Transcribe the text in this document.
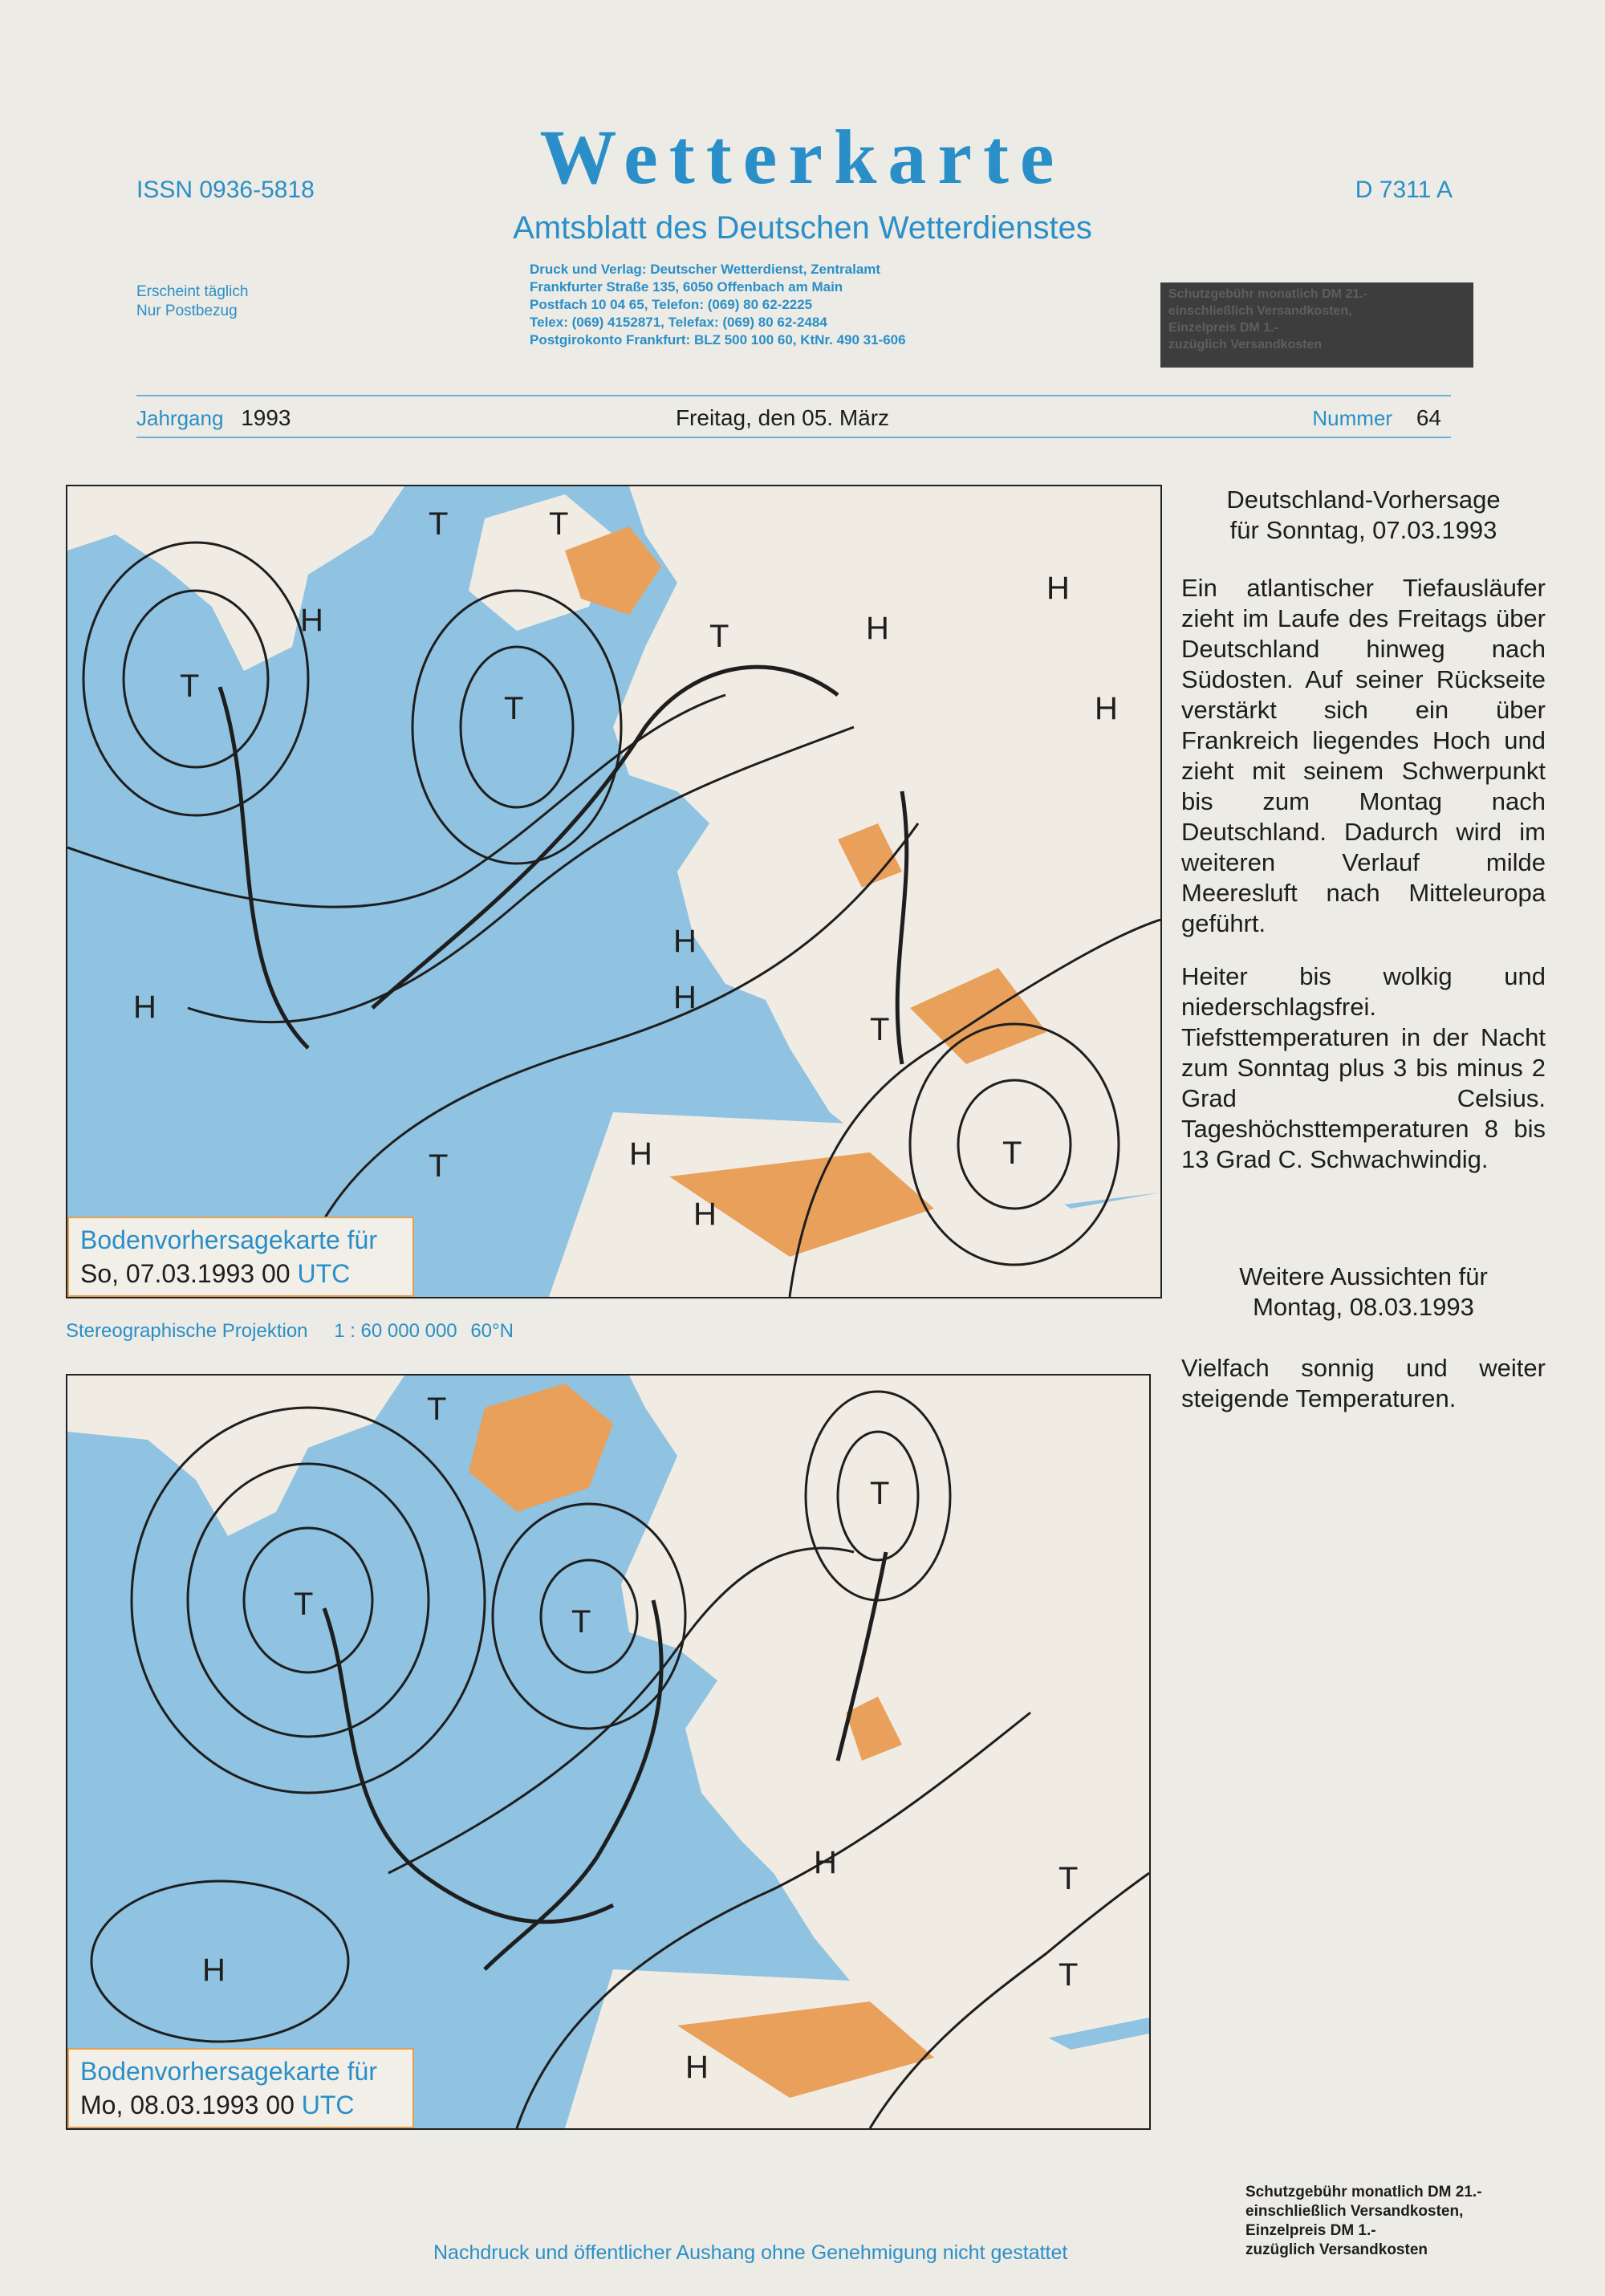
ISSN 0936-5818	Wetterkarte	D 7311 A
Amtsblatt des Deutschen Wetterdienstes
Erscheint täglich
Nur Postbezug
Druck und Verlag: Deutscher Wetterdienst, Zentralamt
Frankfurter Straße 135, 6050 Offenbach am Main
Postfach 10 04 65, Telefon: (069) 80 62-2225
Telex: (069) 4152871, Telefax: (069) 80 62-2484
Postgirokonto Frankfurt: BLZ 500 100 60, KtNr. 490 31-606
Schutzgebühr monatlich DM 21.-
einschließlich Versandkosten,
Einzelpreis DM 1.-
zuzüglich Versandkosten
Jahrgang 1993	Freitag, den 05. März	Nummer 64
T
T
T	T
T
T	T
T
H	H
H
H
H
H
H
H
H
Bodenvorhersagekarte für
So, 07.03.1993 00 UTC
Stereographische Projektion 1 : 60 000 000 60°N
T	T
T
T
T
T
H
H
H
Bodenvorhersagekarte für
Mo, 08.03.1993 00 UTC
Deutschland-Vorhersage
für Sonntag, 07.03.1993
Ein atlantischer Tiefausläufer zieht im Laufe des Freitags über Deutschland hinweg nach Südosten. Auf seiner Rückseite verstärkt sich ein über Frankreich liegendes Hoch und zieht mit seinem Schwerpunkt bis zum Montag nach Deutschland. Dadurch wird im weiteren Verlauf milde Meeresluft nach Mitteleuropa geführt.
Heiter bis wolkig und niederschlagsfrei. Tiefsttemperaturen in der Nacht zum Sonntag plus 3 bis minus 2 Grad Celsius. Tageshöchsttemperaturen 8 bis 13 Grad C. Schwachwindig.
Weitere Aussichten für
Montag, 08.03.1993
Vielfach sonnig und weiter steigende Temperaturen.
Nachdruck und öffentlicher Aushang ohne Genehmigung nicht gestattet
Schutzgebühr monatlich DM 21.-
einschließlich Versandkosten,
Einzelpreis DM 1.-
zuzüglich Versandkosten
